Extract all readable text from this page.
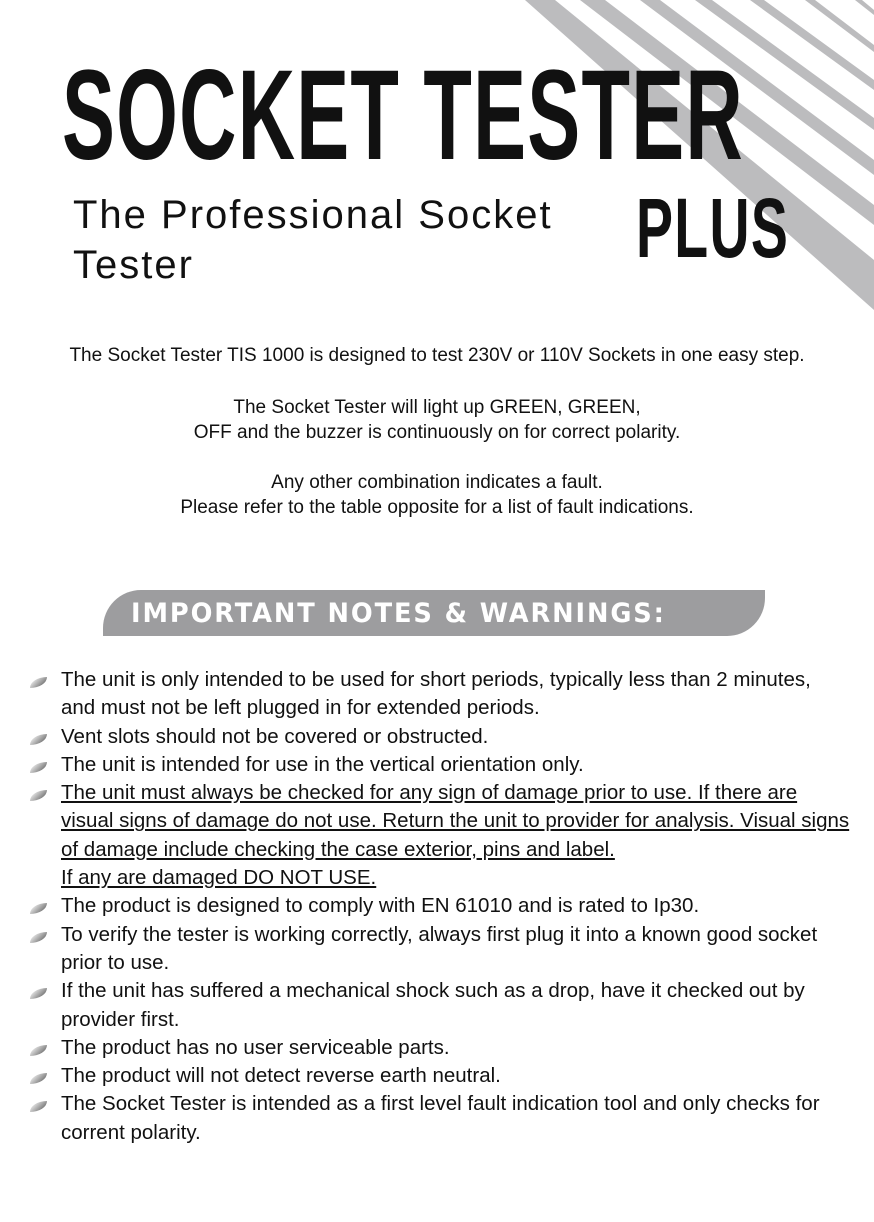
SOCKET TESTER
PLUS
The Professional Socket Tester
The Socket Tester TIS 1000 is designed to test 230V or 110V Sockets in one easy step.
The Socket Tester will light up GREEN, GREEN,
OFF and the buzzer is continuously on for correct polarity.
Any other combination indicates a fault.
Please refer to the table opposite for a list of fault indications.
IMPORTANT NOTES & WARNINGS:
The unit is only intended to be used for short periods, typically less than 2 minutes, and must not be left plugged in for extended periods.
Vent slots should not be covered or obstructed.
The unit is intended for use in the vertical orientation only.
The unit must always be checked for any sign of damage prior to use. If there are visual signs of damage do not use. Return the unit to provider for analysis. Visual signs of damage include checking the case exterior, pins and label.
If any are damaged DO NOT USE.
The product is designed to comply with EN 61010 and is rated to Ip30.
To verify the tester is working correctly, always first plug it into a known good socket prior to use.
If the unit has suffered a mechanical shock such as a drop, have it checked out by provider first.
The product has no user serviceable parts.
The product will not detect reverse earth neutral.
The Socket Tester is intended as a first level fault indication tool and only checks for corrent polarity.
